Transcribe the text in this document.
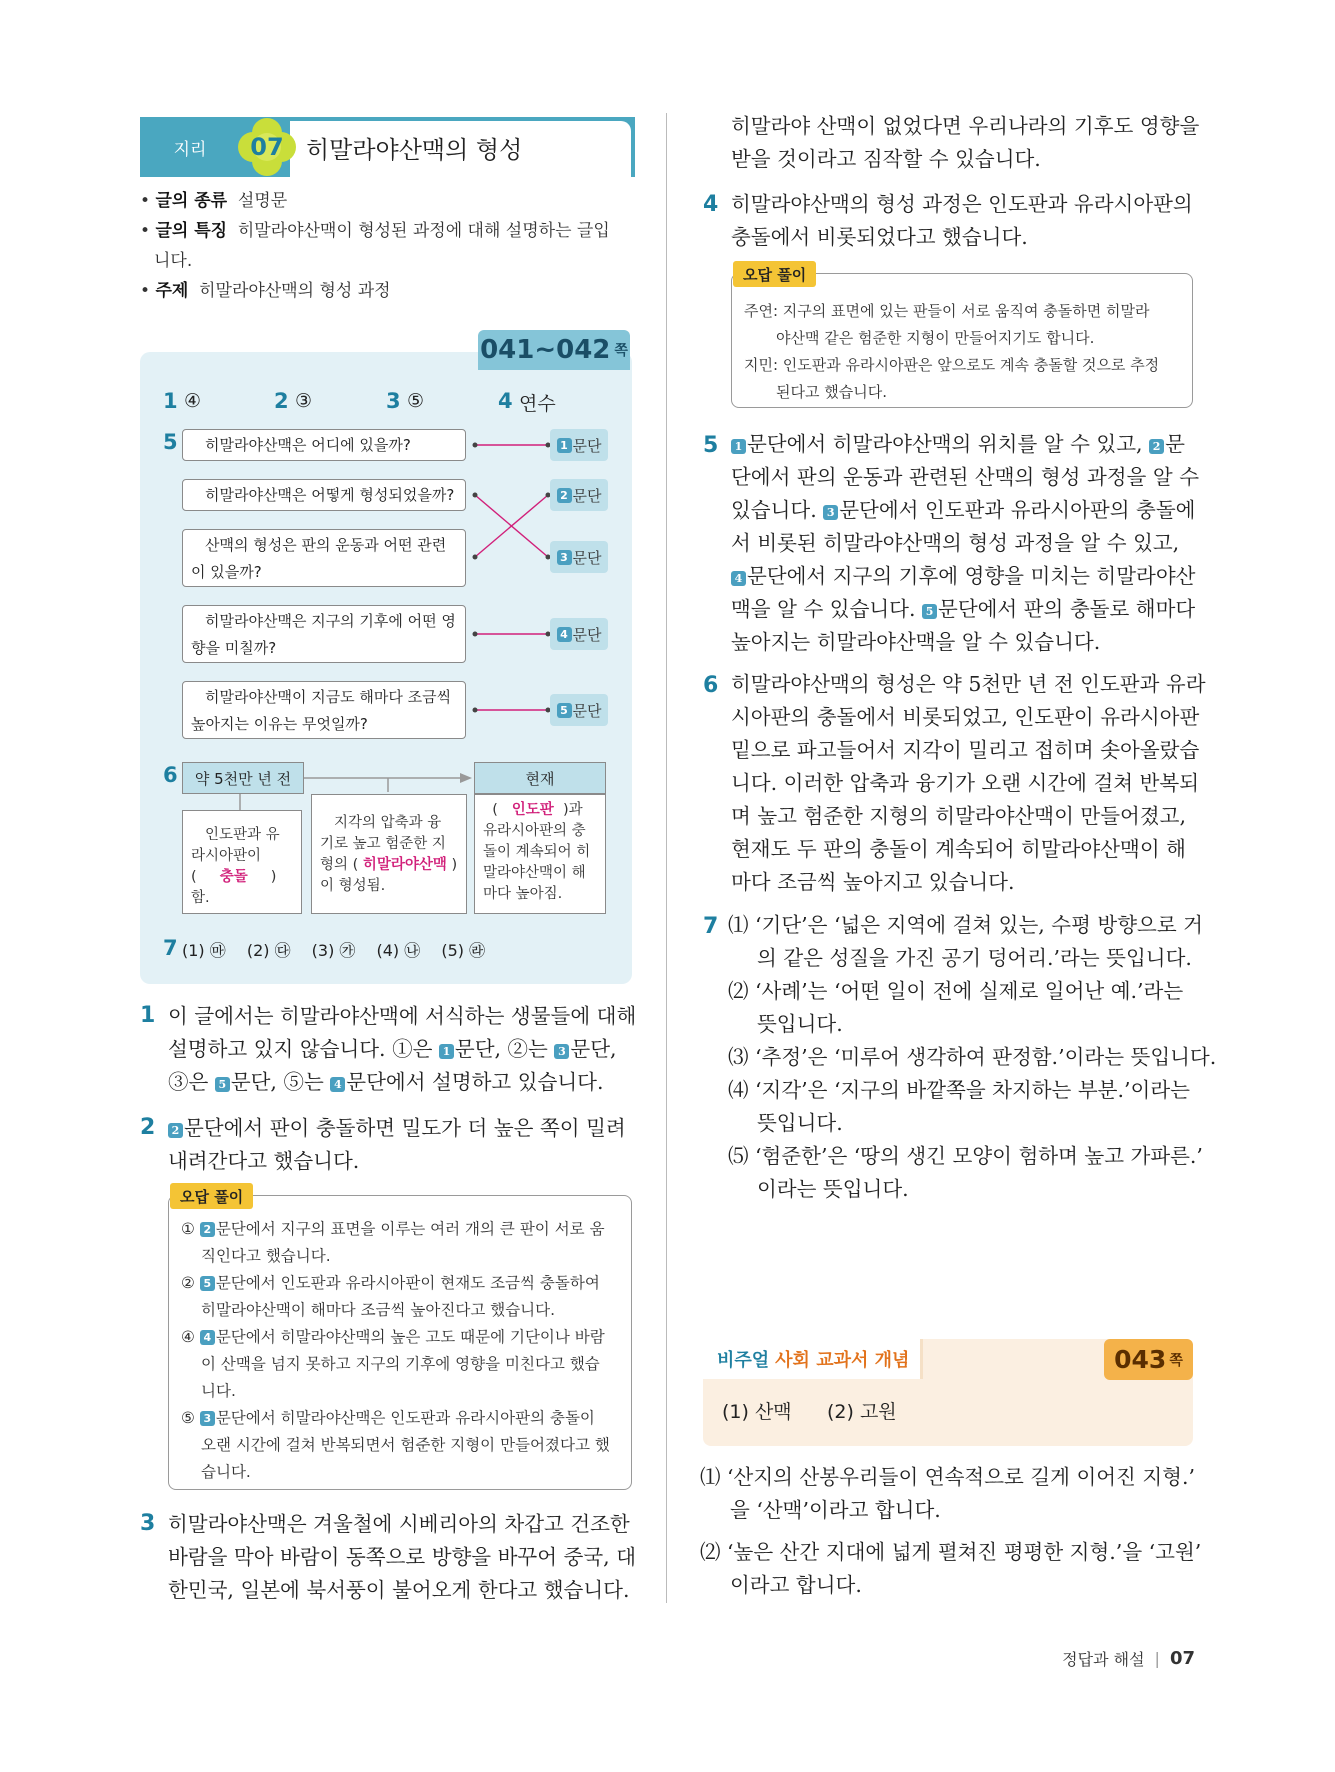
지리	07 히말라야산맥의 형성
• 글의 종류 설명문
• 글의 특징 히말라야산맥이 형성된 과정에 대해 설명하는 글입
니다.
• 주제 히말라야산맥의 형성 과정
041~042 쪽
1 ④	2 ③	3 ⑤	4 연수
5	히말라야산맥은 어디에 있을까?
히말라야산맥은 어떻게 형성되었을까?
산맥의 형성은 판의 운동과 어떤 관련이 있을까?
히말라야산맥은 지구의 기후에 어떤 영향을 미칠까?
히말라야산맥이 지금도 해마다 조금씩 높아지는 이유는 무엇일까?
1 문단
2 문단
3 문단
4 문단
5 문단
6	약 5천만 년 전	현재
인도판과 유
라시아판이
(     충돌 )함.
지각의 압축과 융
기로 높고 험준한 지
형의 ( 히말라야산맥 )
이 형성됨.
(   인도판 )과
유라시아판의 충
돌이 계속되어 히
말라야산맥이 해
마다 높아짐.
7 (1) ㉲　 (2) ㉰　 (3) ㉮　 (4) ㉯　 (5) ㉱
1 이 글에서는 히말라야산맥에 서식하는 생물들에 대해
설명하고 있지 않습니다. ①은 1 문단, ②는 3 문단,
③은 5 문단, ⑤는 4 문단에서 설명하고 있습니다.
2	2 문단에서 판이 충돌하면 밀도가 더 높은 쪽이 밀려
내려간다고 했습니다.
① 2 문단에서 지구의 표면을 이루는 여러 개의 큰 판이 서로 움
직인다고 했습니다.
② 5 문단에서 인도판과 유라시아판이 현재도 조금씩 충돌하여
히말라야산맥이 해마다 조금씩 높아진다고 했습니다.
④ 4 문단에서 히말라야산맥의 높은 고도 때문에 기단이나 바람
이 산맥을 넘지 못하고 지구의 기후에 영향을 미친다고 했습
니다.
⑤ 3 문단에서 히말라야산맥은 인도판과 유라시아판의 충돌이
오랜 시간에 걸쳐 반복되면서 험준한 지형이 만들어졌다고 했
습니다.
오답 풀이
3 히말라야산맥은 겨울철에 시베리아의 차갑고 건조한
바람을 막아 바람이 동쪽으로 방향을 바꾸어 중국, 대
한민국, 일본에 북서풍이 불어오게 한다고 했습니다.
히말라야 산맥이 없었다면 우리나라의 기후도 영향을
받을 것이라고 짐작할 수 있습니다.
4 히말라야산맥의 형성 과정은 인도판과 유라시아판의
충돌에서 비롯되었다고 했습니다.
주연: 지구의 표면에 있는 판들이 서로 움직여 충돌하면 히말라
야산맥 같은 험준한 지형이 만들어지기도 합니다.
지민: 인도판과 유라시아판은 앞으로도 계속 충돌할 것으로 추정
된다고 했습니다.
오답 풀이
5	1 문단에서 히말라야산맥의 위치를 알 수 있고, 2 문
단에서 판의 운동과 관련된 산맥의 형성 과정을 알 수
있습니다. 3 문단에서 인도판과 유라시아판의 충돌에
서 비롯된 히말라야산맥의 형성 과정을 알 수 있고,
4 문단에서 지구의 기후에 영향을 미치는 히말라야산
맥을 알 수 있습니다. 5 문단에서 판의 충돌로 해마다
높아지는 히말라야산맥을 알 수 있습니다.
6 히말라야산맥의 형성은 약 5천만 년 전 인도판과 유라
시아판의 충돌에서 비롯되었고, 인도판이 유라시아판
밑으로 파고들어서 지각이 밀리고 접히며 솟아올랐습
니다. 이러한 압축과 융기가 오랜 시간에 걸쳐 반복되
며 높고 험준한 지형의 히말라야산맥이 만들어졌고,
현재도 두 판의 충돌이 계속되어 히말라야산맥이 해
마다 조금씩 높아지고 있습니다.
7 ⑴ ‘기단’은 ‘넓은 지역에 걸쳐 있는, 수평 방향으로 거
의 같은 성질을 가진 공기 덩어리.’라는 뜻입니다.
⑵ ‘사례’는 ‘어떤 일이 전에 실제로 일어난 예.’라는
뜻입니다.
⑶ ‘추정’은 ‘미루어 생각하여 판정함.’이라는 뜻입니다.
⑷ ‘지각’은 ‘지구의 바깥쪽을 차지하는 부분.’이라는
뜻입니다.
⑸ ‘험준한’은 ‘땅의 생긴 모양이 험하며 높고 가파른.’
이라는 뜻입니다.
비주얼 사회 교과서 개념	043 쪽
(1) 산맥 (2) 고원
⑴ ‘산지의 산봉우리들이 연속적으로 길게 이어진 지형.’
을 ‘산맥’이라고 합니다.
⑵ ‘높은 산간 지대에 넓게 펼쳐진 평평한 지형.’을 ‘고원’
이라고 합니다.
정답과 해설 | 07
